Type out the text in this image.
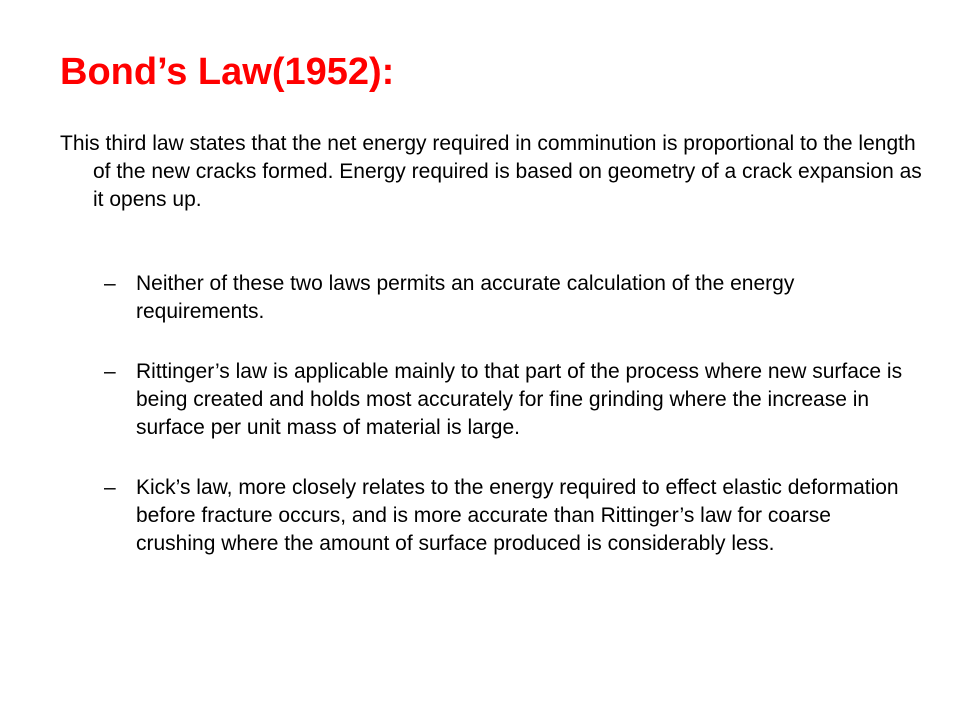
Bond’s Law(1952):

This third law states that the net energy required in comminution is proportional to the length of the new cracks formed. Energy required is based on geometry of a crack expansion as it opens up.

– Neither of these two laws permits an accurate calculation of the energy requirements.
– Rittinger’s law is applicable mainly to that part of the process where new surface is being created and holds most accurately for fine grinding where the increase in surface per unit mass of material is large.
– Kick’s law, more closely relates to the energy required to effect elastic deformation before fracture occurs, and is more accurate than Rittinger’s law for coarse crushing where the amount of surface produced is considerably less.
